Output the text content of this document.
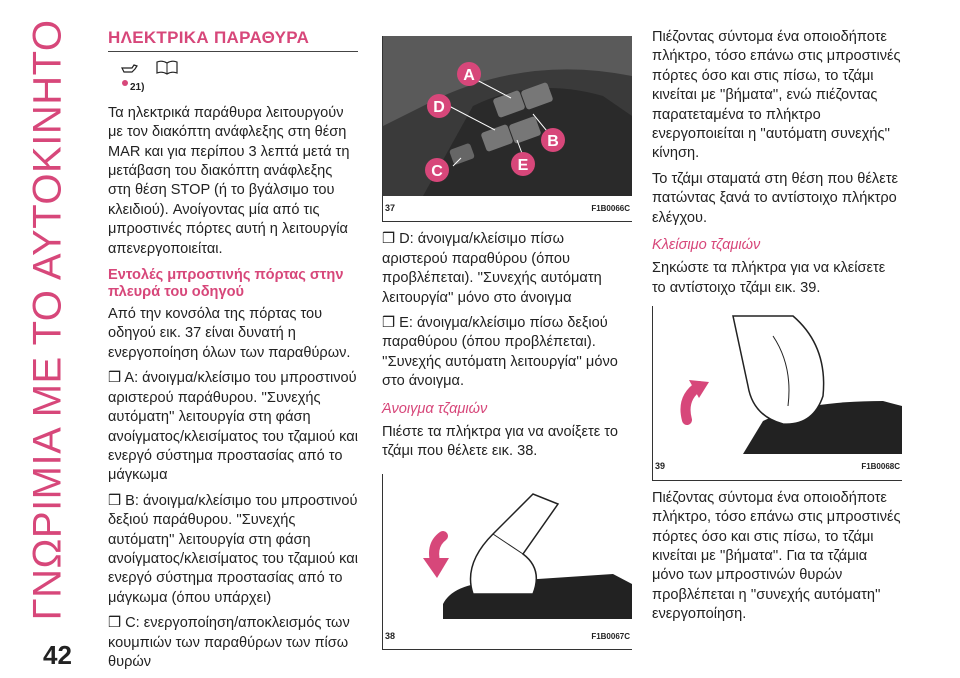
ΓΝΩΡΙΜΙΑ ΜΕ ΤΟ ΑΥΤΟΚΙΝΗΤΟ
42
ΗΛΕΚΤΡΙΚΑ ΠΑΡΑΘΥΡΑ
21)

Τα ηλεκτρικά παράθυρα λειτουργούν με τον διακόπτη ανάφλεξης στη θέση MAR και για περίπου 3 λεπτά μετά τη μετάβαση του διακόπτη ανάφλεξης στη θέση STOP (ή το βγάλσιμο του κλειδιού). Ανοίγοντας μία από τις μπροστινές πόρτες αυτή η λειτουργία απενεργοποιείται.

Εντολές μπροστινής πόρτας στην πλευρά του οδηγού

Από την κονσόλα της πόρτας του οδηγού εικ. 37 είναι δυνατή η ενεργοποίηση όλων των παραθύρων.

❒ A: άνοιγμα/κλείσιμο του μπροστινού αριστερού παράθυρου. ''Συνεχής αυτόματη'' λειτουργία στη φάση ανοίγματος/κλεισίματος του τζαμιού και ενεργό σύστημα προστασίας από το μάγκωμα

❒ B: άνοιγμα/κλείσιμο του μπροστινού δεξιού παράθυρου. ''Συνεχής αυτόματη'' λειτουργία στη φάση ανοίγματος/κλεισίματος του τζαμιού και ενεργό σύστημα προστασίας από το μάγκωμα (όπου υπάρχει)

❒ C: ενεργοποίηση/αποκλεισμός των κουμπιών των παραθύρων των πίσω θυρών

A
D
B
E
C
37	F1B0066C

❒ D: άνοιγμα/κλείσιμο πίσω αριστερού παραθύρου (όπου προβλέπεται). ''Συνεχής αυτόματη λειτουργία'' μόνο στο άνοιγμα

❒ E: άνοιγμα/κλείσιμο πίσω δεξιού παραθύρου (όπου προβλέπεται). ''Συνεχής αυτόματη λειτουργία'' μόνο στο άνοιγμα.

Άνοιγμα τζαμιών

Πιέστε τα πλήκτρα για να ανοίξετε το τζάμι που θέλετε εικ. 38.

38	F1B0067C

Πιέζοντας σύντομα ένα οποιοδήποτε πλήκτρο, τόσο επάνω στις μπροστινές πόρτες όσο και στις πίσω, το τζάμι κινείται με ''βήματα'', ενώ πιέζοντας παρατεταμένα το πλήκτρο ενεργοποιείται η ''αυτόματη συνεχής'' κίνηση.

Το τζάμι σταματά στη θέση που θέλετε πατώντας ξανά το αντίστοιχο πλήκτρο ελέγχου.

Κλείσιμο τζαμιών

Σηκώστε τα πλήκτρα για να κλείσετε το αντίστοιχο τζάμι εικ. 39.

39	F1B0068C

Πιέζοντας σύντομα ένα οποιοδήποτε πλήκτρο, τόσο επάνω στις μπροστινές πόρτες όσο και στις πίσω, το τζάμι κινείται με ''βήματα''. Για τα τζάμια μόνο των μπροστινών θυρών προβλέπεται η ''συνεχής αυτόματη'' ενεργοποίηση.
